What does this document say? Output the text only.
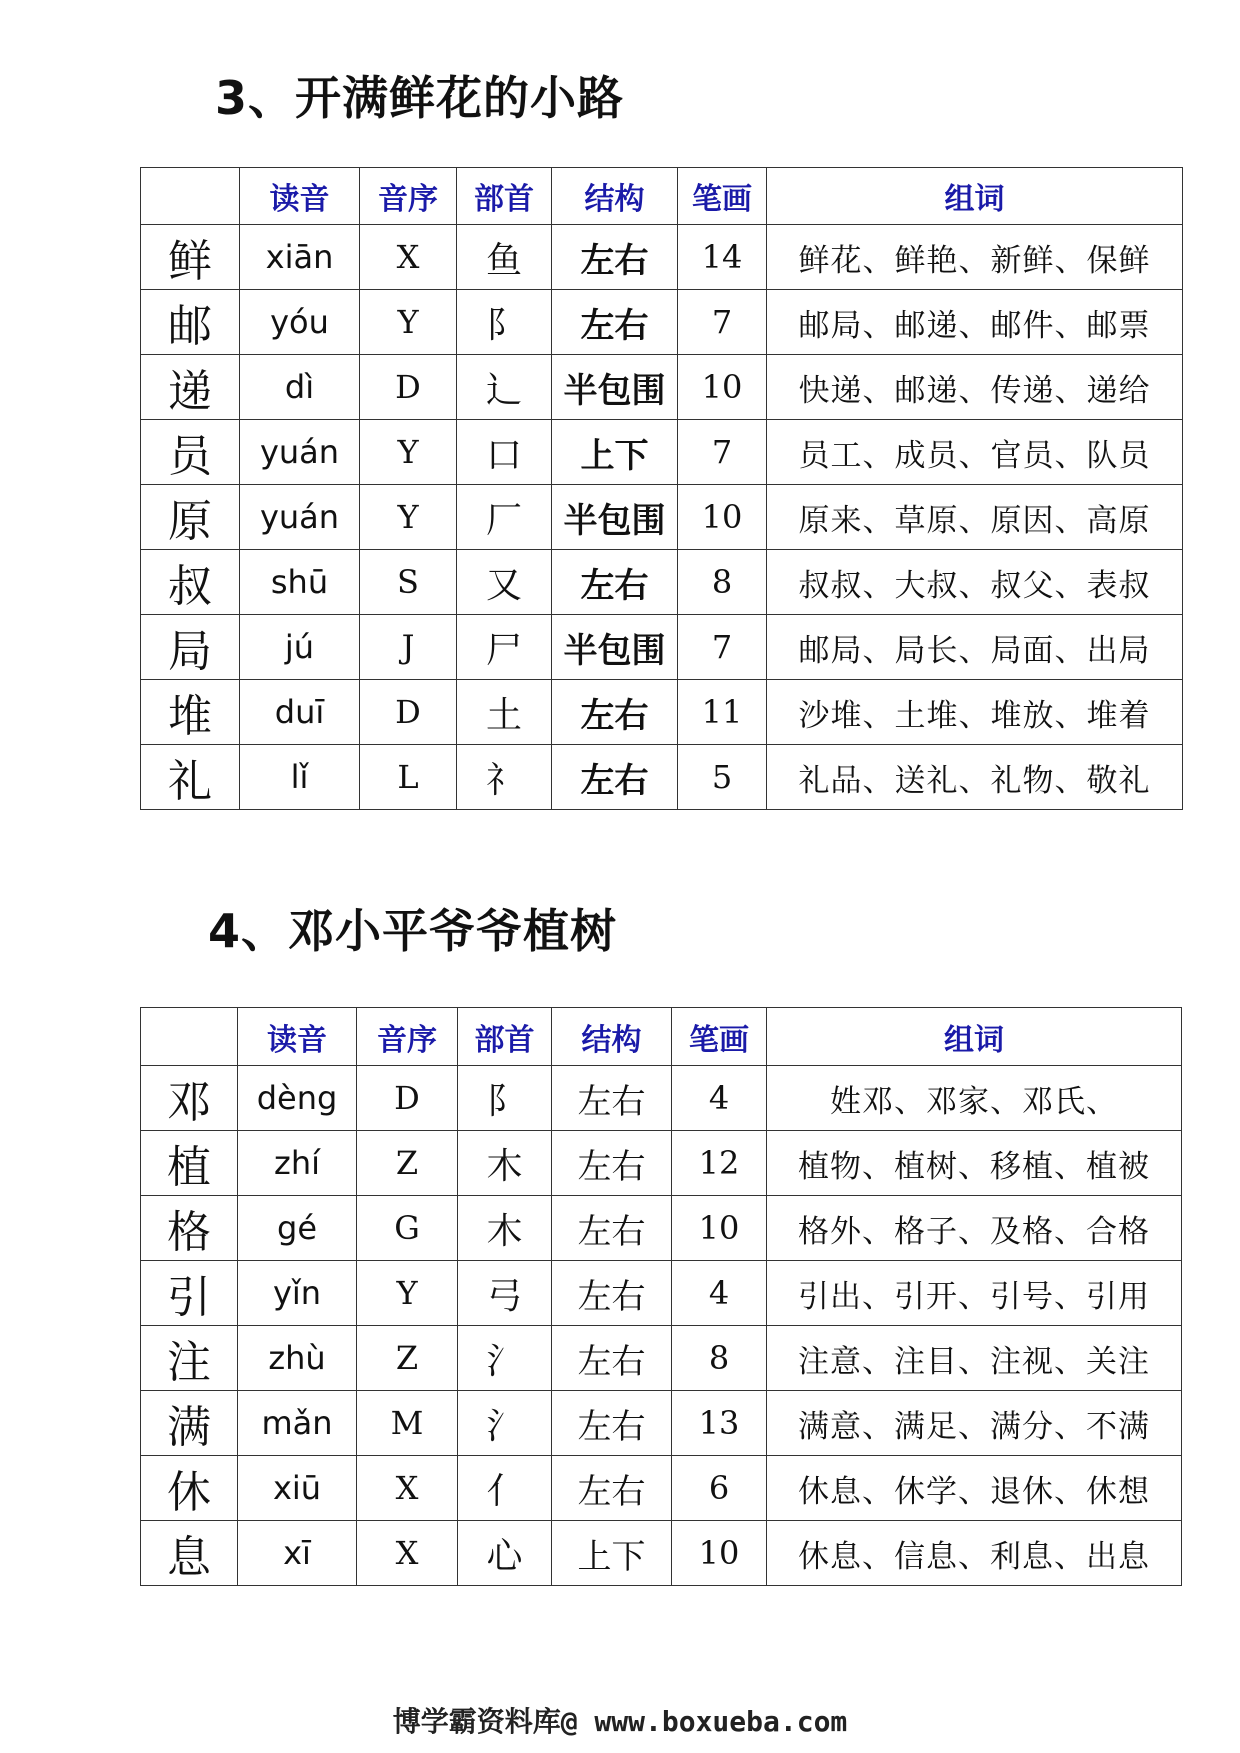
3、开满鲜花的小路
	读音	音序	部首	结构	笔画	组词
鲜	xiān	X	鱼	左右	14	鲜花、鲜艳、新鲜、保鲜
邮	yóu	Y	阝	左右	7	邮局、邮递、邮件、邮票
递	dì	D	辶	半包围	10	快递、邮递、传递、递给
员	yuán	Y	口	上下	7	员工、成员、官员、队员
原	yuán	Y	厂	半包围	10	原来、草原、原因、高原
叔	shū	S	又	左右	8	叔叔、大叔、叔父、表叔
局	jú	J	尸	半包围	7	邮局、局长、局面、出局
堆	duī	D	土	左右	11	沙堆、土堆、堆放、堆着
礼	lǐ	L	礻	左右	5	礼品、送礼、礼物、敬礼
4、邓小平爷爷植树
	读音	音序	部首	结构	笔画	组词
邓	dèng	D	阝	左右	4	姓邓、邓家、邓氏、
植	zhí	Z	木	左右	12	植物、植树、移植、植被
格	gé	G	木	左右	10	格外、格子、及格、合格
引	yǐn	Y	弓	左右	4	引出、引开、引号、引用
注	zhù	Z	氵	左右	8	注意、注目、注视、关注
满	mǎn	M	氵	左右	13	满意、满足、满分、不满
休	xiū	X	亻	左右	6	休息、休学、退休、休想
息	xī	X	心	上下	10	休息、信息、利息、出息
博学霸资料库@ www.boxueba.com
